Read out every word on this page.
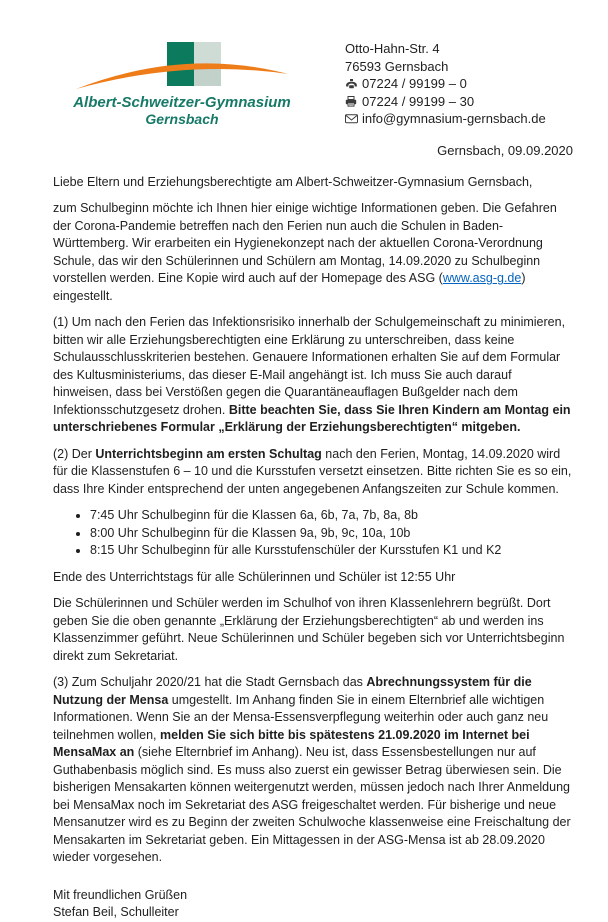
Albert-Schweitzer-Gymnasium
Gernsbach
Otto-Hahn-Str. 4
76593 Gernsbach
07224 / 99199 – 0
07224 / 99199 – 30
info@gymnasium-gernsbach.de
Gernsbach, 09.09.2020

Liebe Eltern und Erziehungsberechtigte am Albert-Schweitzer-Gymnasium Gernsbach,

zum Schulbeginn möchte ich Ihnen hier einige wichtige Informationen geben. Die Gefahren der Corona-Pandemie betreffen nach den Ferien nun auch die Schulen in Baden-Württemberg. Wir erarbeiten ein Hygienekonzept nach der aktuellen Corona-Verordnung Schule, das wir den Schülerinnen und Schülern am Montag, 14.09.2020 zu Schulbeginn vorstellen werden. Eine Kopie wird auch auf der Homepage des ASG (www.asg-g.de) eingestellt.

(1) Um nach den Ferien das Infektionsrisiko innerhalb der Schulgemeinschaft zu minimieren, bitten wir alle Erziehungsberechtigten eine Erklärung zu unterschreiben, dass keine Schulausschlusskriterien bestehen. Genauere Informationen erhalten Sie auf dem Formular des Kultusministeriums, das dieser E-Mail angehängt ist. Ich muss Sie auch darauf hinweisen, dass bei Verstößen gegen die Quarantäneauflagen Bußgelder nach dem Infektionsschutzgesetz drohen. Bitte beachten Sie, dass Sie Ihren Kindern am Montag ein unterschriebenes Formular „Erklärung der Erziehungsberechtigten“ mitgeben.

(2) Der Unterrichtsbeginn am ersten Schultag nach den Ferien, Montag, 14.09.2020 wird für die Klassenstufen 6 – 10 und die Kursstufen versetzt einsetzen. Bitte richten Sie es so ein, dass Ihre Kinder entsprechend der unten angegebenen Anfangszeiten zur Schule kommen.

• 7:45 Uhr Schulbeginn für die Klassen 6a, 6b, 7a, 7b, 8a, 8b
• 8:00 Uhr Schulbeginn für die Klassen 9a, 9b, 9c, 10a, 10b
• 8:15 Uhr Schulbeginn für alle Kursstufenschüler der Kursstufen K1 und K2

Ende des Unterrichtstags für alle Schülerinnen und Schüler ist 12:55 Uhr

Die Schülerinnen und Schüler werden im Schulhof von ihren Klassenlehrern begrüßt. Dort geben Sie die oben genannte „Erklärung der Erziehungsberechtigten“ ab und werden ins Klassenzimmer geführt. Neue Schülerinnen und Schüler begeben sich vor Unterrichtsbeginn direkt zum Sekretariat.

(3) Zum Schuljahr 2020/21 hat die Stadt Gernsbach das Abrechnungssystem für die Nutzung der Mensa umgestellt. Im Anhang finden Sie in einem Elternbrief alle wichtigen Informationen. Wenn Sie an der Mensa-Essensverpflegung weiterhin oder auch ganz neu teilnehmen wollen, melden Sie sich bitte bis spätestens 21.09.2020 im Internet bei MensaMax an (siehe Elternbrief im Anhang). Neu ist, dass Essensbestellungen nur auf Guthabenbasis möglich sind. Es muss also zuerst ein gewisser Betrag überwiesen sein. Die bisherigen Mensakarten können weitergenutzt werden, müssen jedoch nach Ihrer Anmeldung bei MensaMax noch im Sekretariat des ASG freigeschaltet werden. Für bisherige und neue Mensanutzer wird es zu Beginn der zweiten Schulwoche klassenweise eine Freischaltung der Mensakarten im Sekretariat geben. Ein Mittagessen in der ASG-Mensa ist ab 28.09.2020 wieder vorgesehen.

Mit freundlichen Grüßen
Stefan Beil, Schulleiter
